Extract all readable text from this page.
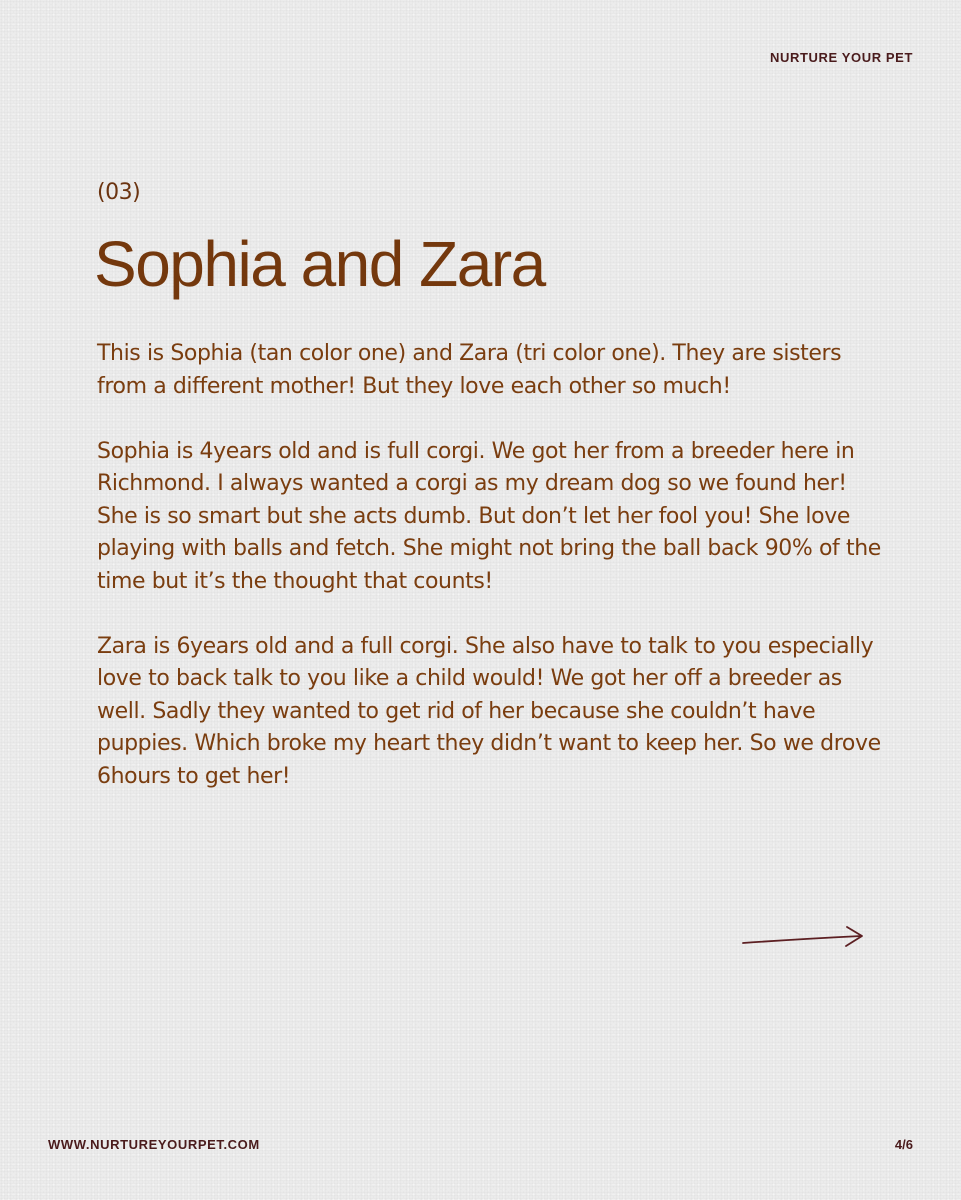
NURTURE YOUR PET
(03)
Sophia and Zara

This is Sophia (tan color one) and Zara (tri color one). They are sisters from a different mother! But they love each other so much!

Sophia is 4years old and is full corgi. We got her from a breeder here in Richmond. I always wanted a corgi as my dream dog so we found her! She is so smart but she acts dumb. But don’t let her fool you! She love playing with balls and fetch. She might not bring the ball back 90% of the time but it’s the thought that counts!

Zara is 6years old and a full corgi. She also have to talk to you especially love to back talk to you like a child would! We got her off a breeder as well. Sadly they wanted to get rid of her because she couldn’t have puppies. Which broke my heart they didn’t want to keep her. So we drove 6hours to get her!

WWW.NURTUREYOURPET.COM	4/6
